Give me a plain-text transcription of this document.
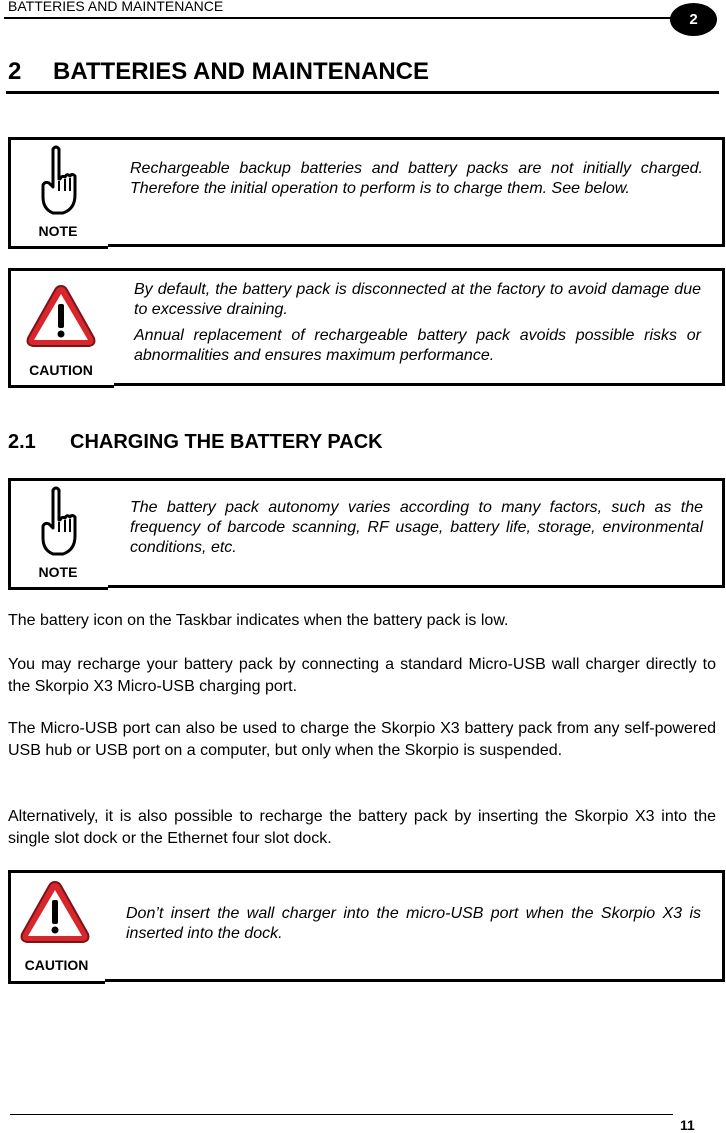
BATTERIES AND MAINTENANCE
2
2 BATTERIES AND MAINTENANCE
NOTE
Rechargeable backup batteries and battery packs are not initially charged. Therefore the initial operation to perform is to charge them. See below.
CAUTION

By default, the battery pack is disconnected at the factory to avoid damage due to excessive draining.

Annual replacement of rechargeable battery pack avoids possible risks or abnormalities and ensures maximum performance.

2.1 CHARGING THE BATTERY PACK
NOTE
The battery pack autonomy varies according to many factors, such as the frequency of barcode scanning, RF usage, battery life, storage, environmental conditions, etc.

The battery icon on the Taskbar indicates when the battery pack is low.

You may recharge your battery pack by connecting a standard Micro-USB wall charger directly to the Skorpio X3 Micro-USB charging port.

The Micro-USB port can also be used to charge the Skorpio X3 battery pack from any self-powered USB hub or USB port on a computer, but only when the Skorpio is suspended.

Alternatively, it is also possible to recharge the battery pack by inserting the Skorpio X3 into the single slot dock or the Ethernet four slot dock.

CAUTION
Don’t insert the wall charger into the micro-USB port when the Skorpio X3 is inserted into the dock.
11
